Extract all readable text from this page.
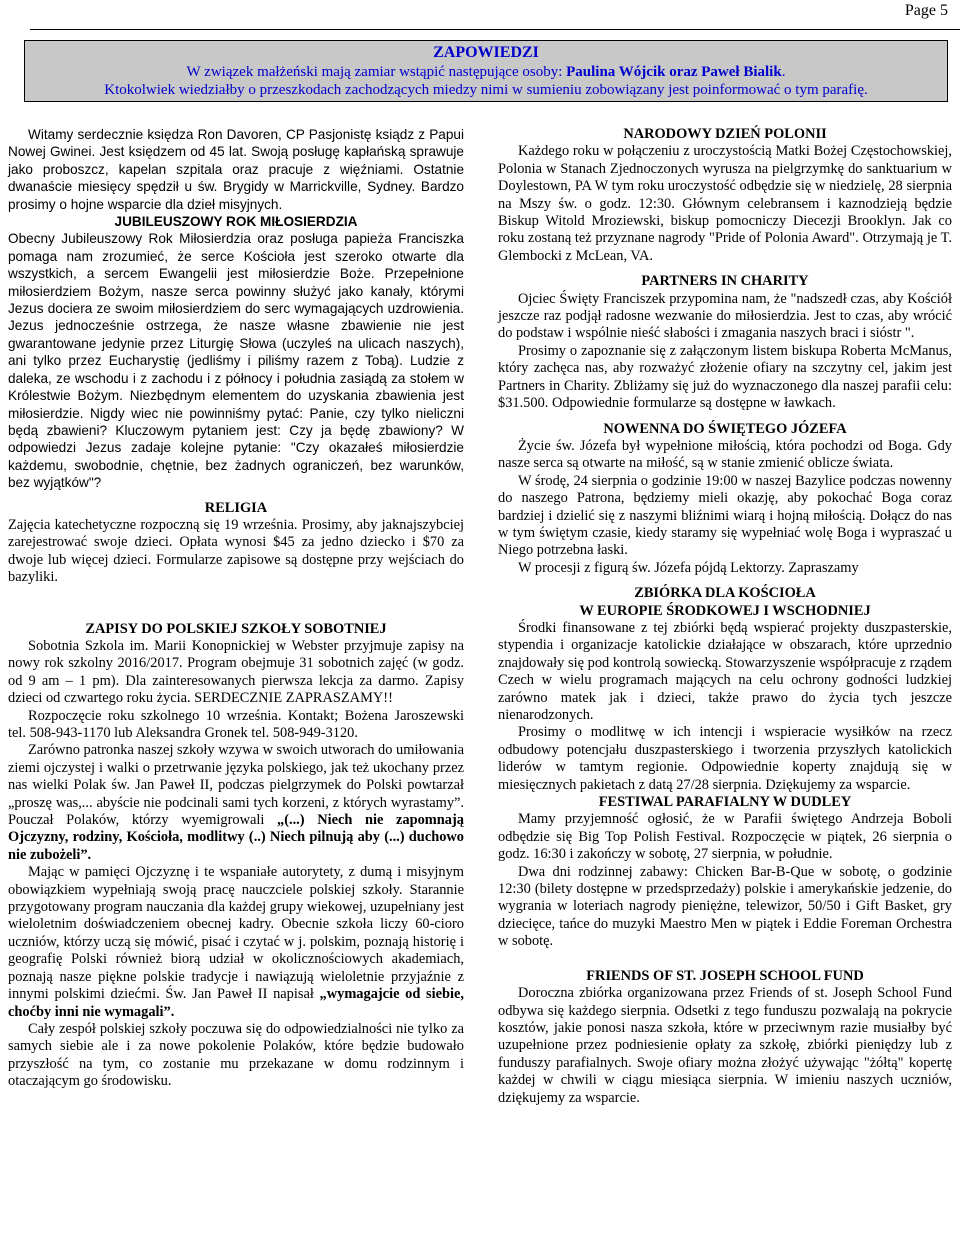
Page 5
ZAPOWIEDZI
W związek małżeński mają zamiar wstąpić następujące osoby: Paulina Wójcik oraz Paweł Bialik.
Ktokolwiek wiedziałby o przeszkodach zachodzących miedzy nimi w sumieniu zobowiązany jest poinformować o tym parafię.

Witamy serdecznie księdza Ron Davoren, CP Pasjonistę ksiądz z Papui Nowej Gwinei. Jest księdzem od 45 lat. Swoją posługę kapłańską sprawuje jako proboszcz, kapelan szpitala oraz pracuje z więźniami. Ostatnie dwanaście miesięcy spędził u św. Brygidy w Marrickville, Sydney. Bardzo prosimy o hojne wsparcie dla dzieł misyjnych.

JUBILEUSZOWY ROK MIŁOSIERDZIA

Obecny Jubileuszowy Rok Miłosierdzia oraz posługa papieża Franciszka pomaga nam zrozumieć, że serce Kościoła jest szeroko otwarte dla wszystkich, a sercem Ewangelii jest miłosierdzie Boże. Przepełnione miłosierdziem Bożym, nasze serca powinny służyć jako kanały, którymi Jezus dociera ze swoim miłosierdziem do serc wymagających uzdrowienia. Jezus jednocześnie ostrzega, że nasze własne zbawienie nie jest gwarantowane jedynie przez Liturgię Słowa (uczyleś na ulicach naszych), ani tylko przez Eucharystię (jedliśmy i piliśmy razem z Tobą). Ludzie z daleka, ze wschodu i z zachodu i z północy i południa zasiądą za stołem w Królestwie Bożym. Niezbędnym elementem do uzyskania zbawienia jest miłosierdzie. Nigdy wiec nie powinniśmy pytać: Panie, czy tylko nieliczni będą zbawieni? Kluczowym pytaniem jest: Czy ja będę zbawiony? W odpowiedzi Jezus zadaje kolejne pytanie: "Czy okazałeś miłosierdzie każdemu, swobodnie, chętnie, bez żadnych ograniczeń, bez warunków, bez wyjątków"?

RELIGIA

Zajęcia katechetyczne rozpoczną się 19 września. Prosimy, aby jaknajszybciej zarejestrować swoje dzieci. Opłata wynosi $45 za jedno dziecko i $70 za dwoje lub więcej dzieci. Formularze zapisowe są dostępne przy wejściach do bazyliki.

ZAPISY DO POLSKIEJ SZKOŁY SOBOTNIEJ

Sobotnia Szkola im. Marii Konopnickiej w Webster przyjmuje zapisy na nowy rok szkolny 2016/2017. Program obejmuje 31 sobotnich zajęć (w godz. od 9 am – 1 pm). Dla zainteresowanych pierwsza lekcja za darmo. Zapisy dzieci od czwartego roku życia. SERDECZNIE ZAPRASZAMY!!

Rozpoczęcie roku szkolnego 10 września. Kontakt; Bożena Jaroszewski tel. 508-943-1170 lub Aleksandra Gronek tel. 508-949-3120.

Zarówno patronka naszej szkoły wzywa w swoich utworach do umiłowania ziemi ojczystej i walki o przetrwanie języka polskiego, jak też ukochany przez nas wielki Polak św. Jan Paweł II, podczas pielgrzymek do Polski powtarzał „proszę was,... abyście nie podcinali sami tych korzeni, z których wyrastamy”. Pouczał Polaków, którzy wyemigrowali „(...) Niech nie zapomnają Ojczyzny, rodziny, Kościoła, modlitwy (..) Niech pilnują aby (...) duchowo nie zubożeli”.

Mając w pamięci Ojczyznę i te wspaniałe autorytety, z dumą i misyjnym obowiązkiem wypełniają swoją pracę nauczciele polskiej szkoły. Starannie przygotowany program nauczania dla każdej grupy wiekowej, uzupełniany jest wieloletnim doświadczeniem obecnej kadry. Obecnie szkoła liczy 60-cioro uczniów, którzy uczą się mówić, pisać i czytać w j. polskim, poznają historię i geografię Polski również biorą udział w okolicznościowych akademiach, poznają nasze piękne polskie tradycje i nawiązują wieloletnie przyjaźnie z innymi polskimi dziećmi. Św. Jan Paweł II napisał „wymagajcie od siebie, choćby inni nie wymagali”.

Cały zespół polskiej szkoły poczuwa się do odpowiedzialności nie tylko za samych siebie ale i za nowe pokolenie Polaków, które będzie budowało przyszłość na tym, co zostanie mu przekazane w domu rodzinnym i otaczającym go środowisku.

NARODOWY DZIEŃ POLONII

Każdego roku w połączeniu z uroczystością Matki Bożej Częstochowskiej, Polonia w Stanach Zjednoczonych wyrusza na pielgrzymkę do sanktuarium w Doylestown, PA W tym roku uroczystość odbędzie się w niedzielę, 28 sierpnia na Mszy św. o godz. 12:30. Głównym celebransem i kaznodzieją będzie Biskup Witold Mroziewski, biskup pomocniczy Diecezji Brooklyn. Jak co roku zostaną też przyznane nagrody "Pride of Polonia Award". Otrzymają je T. Glembocki z McLean, VA.

PARTNERS IN CHARITY

Ojciec Święty Franciszek przypomina nam, że "nadszedł czas, aby Kościół jeszcze raz podjął radosne wezwanie do miłosierdzia. Jest to czas, aby wrócić do podstaw i wspólnie nieść słabości i zmagania naszych braci i sióstr ".

Prosimy o zapoznanie się z załączonym listem biskupa Roberta McManus, który zachęca nas, aby rozważyć złożenie ofiary na szczytny cel, jakim jest Partners in Charity. Zbliżamy się już do wyznaczonego dla naszej parafii celu: $31.500. Odpowiednie formularze są dostępne w ławkach.

NOWENNA DO ŚWIĘTEGO JÓZEFA

Życie św. Józefa był wypełnione miłością, która pochodzi od Boga. Gdy nasze serca są otwarte na miłość, są w stanie zmienić oblicze świata.

W środę, 24 sierpnia o godzinie 19:00 w naszej Bazylice podczas nowenny do naszego Patrona, będziemy mieli okazję, aby pokochać Boga coraz bardziej i dzielić się z naszymi bliźnimi wiarą i hojną miłością. Dołącz do nas w tym świętym czasie, kiedy staramy się wypełniać wolę Boga i wypraszać u Niego potrzebna łaski.

W procesji z figurą św. Józefa pójdą Lektorzy. Zapraszamy

ZBIÓRKA DLA KOŚCIOŁA
W EUROPIE ŚRODKOWEJ I WSCHODNIEJ

Środki finansowane z tej zbiórki będą wspierać projekty duszpasterskie, stypendia i organizacje katolickie działające w obszarach, które uprzednio znajdowały się pod kontrolą sowiecką. Stowarzyszenie współpracuje z rządem Czech w wielu programach mających na celu ochrony godności ludzkiej zarówno matek jak i dzieci, także prawo do życia tych jeszcze nienarodzonych.

Prosimy o modlitwę w ich intencji i wspieracie wysiłków na rzecz odbudowy potencjału duszpasterskiego i tworzenia przyszłych katolickich liderów w tamtym regionie. Odpowiednie koperty znajdują się w miesięcznych pakietach z datą 27/28 sierpnia. Dziękujemy za wsparcie.

FESTIWAL PARAFIALNY W DUDLEY

Mamy przyjemność ogłosić, że w Parafii świętego Andrzeja Boboli odbędzie się Big Top Polish Festival. Rozpoczęcie w piątek, 26 sierpnia o godz. 16:30 i zakończy w sobotę, 27 sierpnia, w południe.

Dwa dni rodzinnej zabawy: Chicken Bar-B-Que w sobotę, o godzinie 12:30 (bilety dostępne w przedsprzedaży) polskie i amerykańskie jedzenie, do wygrania w loteriach nagrody pieniężne, telewizor, 50/50 i Gift Basket, gry dziecięce, tańce do muzyki Maestro Men w piątek i Eddie Foreman Orchestra w sobotę.

FRIENDS OF ST. JOSEPH SCHOOL FUND

Doroczna zbiórka organizowana przez Friends of st. Joseph School Fund odbywa się każdego sierpnia. Odsetki z tego funduszu pozwalają na pokrycie kosztów, jakie ponosi nasza szkoła, które w przeciwnym razie musiałby być uzupełnione przez podniesienie opłaty za szkołę, zbiórki pieniędzy lub z funduszy parafialnych. Swoje ofiary można złożyć używając "żółtą" kopertę każdej w chwili w ciągu miesiąca sierpnia. W imieniu naszych uczniów, dziękujemy za wsparcie.
